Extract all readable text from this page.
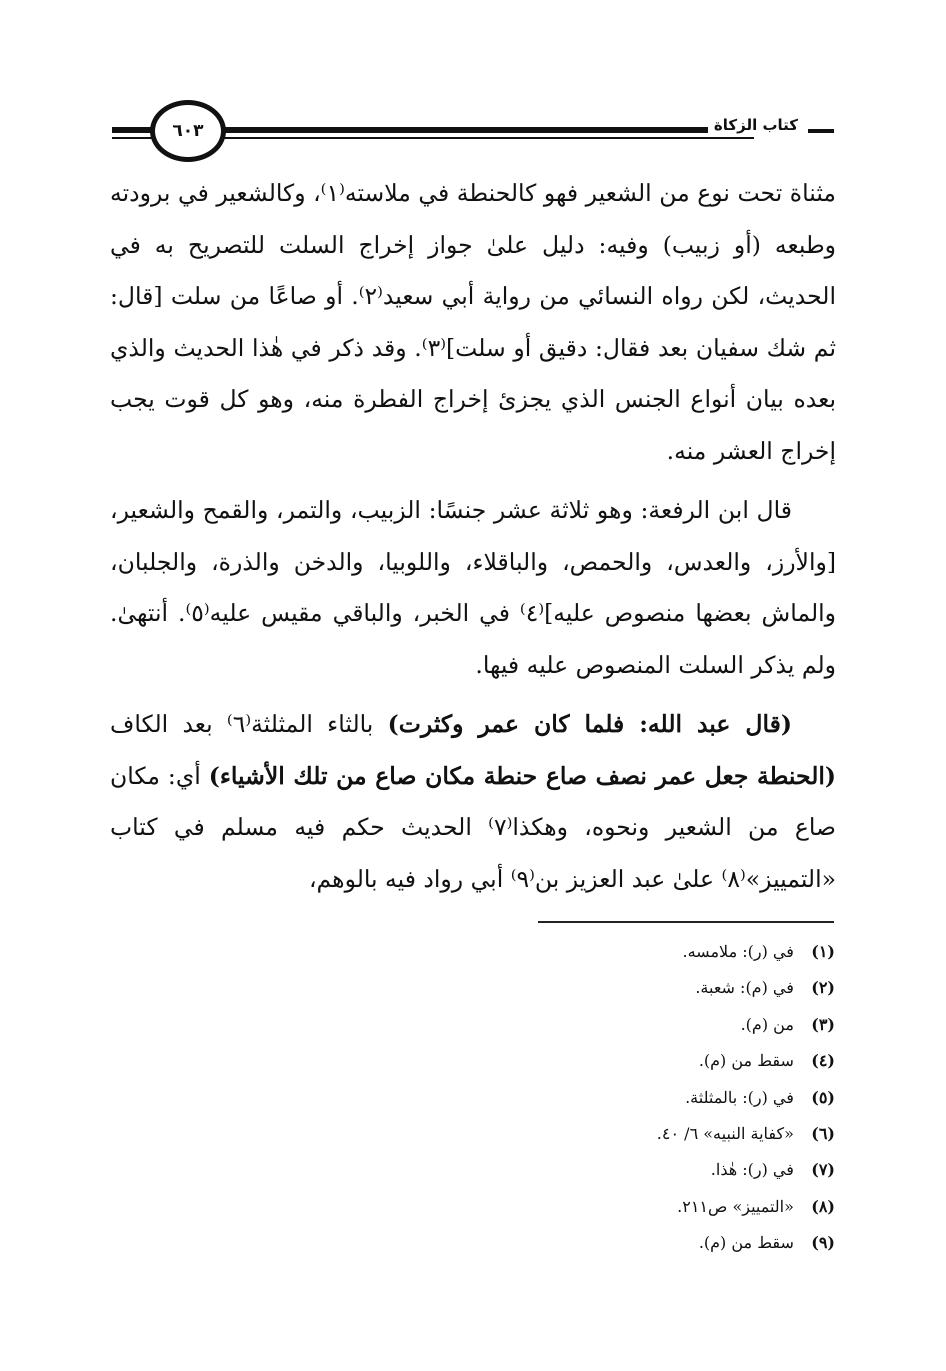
٦٠٣	كتاب الزكاة

مثناة تحت نوع من الشعير فهو كالحنطة في ملاسته⁽١⁾، وكالشعير في برودته وطبعه (أو زبيب) وفيه: دليل علىٰ جواز إخراج السلت للتصريح به في الحديث، لكن رواه النسائي من رواية أبي سعيد⁽٢⁾. أو صاعًا من سلت [قال: ثم شك سفيان بعد فقال: دقيق أو سلت]⁽٣⁾. وقد ذكر في هٰذا الحديث والذي بعده بيان أنواع الجنس الذي يجزئ إخراج الفطرة منه، وهو كل قوت يجب إخراج العشر منه.

قال ابن الرفعة: وهو ثلاثة عشر جنسًا: الزبيب، والتمر، والقمح والشعير، [والأرز، والعدس، والحمص، والباقلاء، واللوبيا، والدخن والذرة، والجلبان، والماش بعضها منصوص عليه]⁽٤⁾ في الخبر، والباقي مقيس عليه⁽٥⁾. أنتهىٰ. ولم يذكر السلت المنصوص عليه فيها.

(قال عبد الله: فلما كان عمر وكثرت) بالثاء المثلثة⁽٦⁾ بعد الكاف (الحنطة جعل عمر نصف صاع حنطة مكان صاع من تلك الأشياء) أي: مكان صاع من الشعير ونحوه، وهكذا⁽٧⁾ الحديث حكم فيه مسلم في كتاب «التمييز»⁽٨⁾ علىٰ عبد العزيز بن⁽٩⁾ أبي رواد فيه بالوهم،

(١) في (ر): ملامسه.
(٢) في (م): شعبة.
(٣) من (م).
(٤) سقط من (م).
(٥) في (ر): بالمثلثة.
(٦) «كفاية النبيه» ٦/ ٤٠.
(٧) في (ر): هٰذا.
(٨) «التمييز» ص٢١١.
(٩) سقط من (م).
